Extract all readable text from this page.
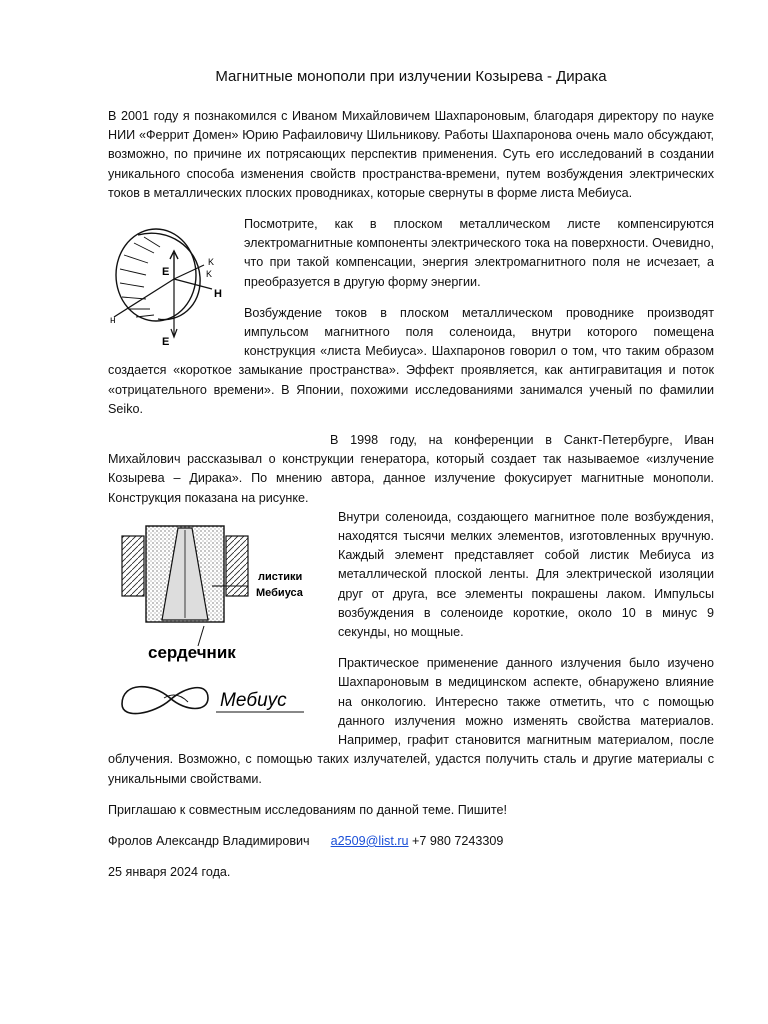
Магнитные монополи при излучении Козырева - Дирака

В 2001 году я познакомился с Иваном Михайловичем Шахпароновым, благодаря директору по науке НИИ «Феррит Домен» Юрию Рафаиловичу Шильникову. Работы Шахпаронова очень мало обсуждают, возможно, по причине их потрясающих перспектив применения. Суть его исследований в создании уникального способа изменения свойств пространства-времени, путем возбуждения электрических токов в металлических плоских проводниках, которые свернуты в форме листа Мебиуса.

E
K
K
H
н
E

Посмотрите, как в плоском металлическом листе компенсируются электромагнитные компоненты электрического тока на поверхности. Очевидно, что при такой компенсации, энергия электромагнитного поля не исчезает, а преобразуется в другую форму энергии.

Возбуждение токов в плоском металлическом проводнике производят импульсом магнитного поля соленоида, внутри которого помещена конструкция «листа Мебиуса». Шахпаронов говорил о том, что таким образом создается «короткое замыкание пространства». Эффект проявляется, как антигравитация и поток «отрицательного времени». В Японии, похожими исследованиями занимался ученый по фамилии Seiko.

В 1998 году, на конференции в Санкт-Петербурге, Иван Михайлович рассказывал о конструкции генератора, который создает так называемое «излучение Козырева – Дирака». По мнению автора, данное излучение фокусирует магнитные монополи. Конструкция показана на рисунке.

листики
Мебиуса
сердечник
Мебиус

Внутри соленоида, создающего магнитное поле возбуждения, находятся тысячи мелких элементов, изготовленных вручную. Каждый элемент представляет собой листик Мебиуса из металлической плоской ленты. Для электрической изоляции друг от друга, все элементы покрашены лаком. Импульсы возбуждения в соленоиде короткие, около 10 в минус 9 секунды, но мощные.

Практическое применение данного излучения было изучено Шахпароновым в медицинском аспекте, обнаружено влияние на онкологию. Интересно также отметить, что с помощью данного излучения можно изменять свойства материалов. Например, графит становится магнитным материалом, после облучения. Возможно, с помощью таких излучателей, удастся получить сталь и другие материалы с уникальными свойствами.

Приглашаю к совместным исследованиям по данной теме. Пишите!

Фролов Александр Владимирович a2509@list.ru +7 980 7243309

25 января 2024 года.
